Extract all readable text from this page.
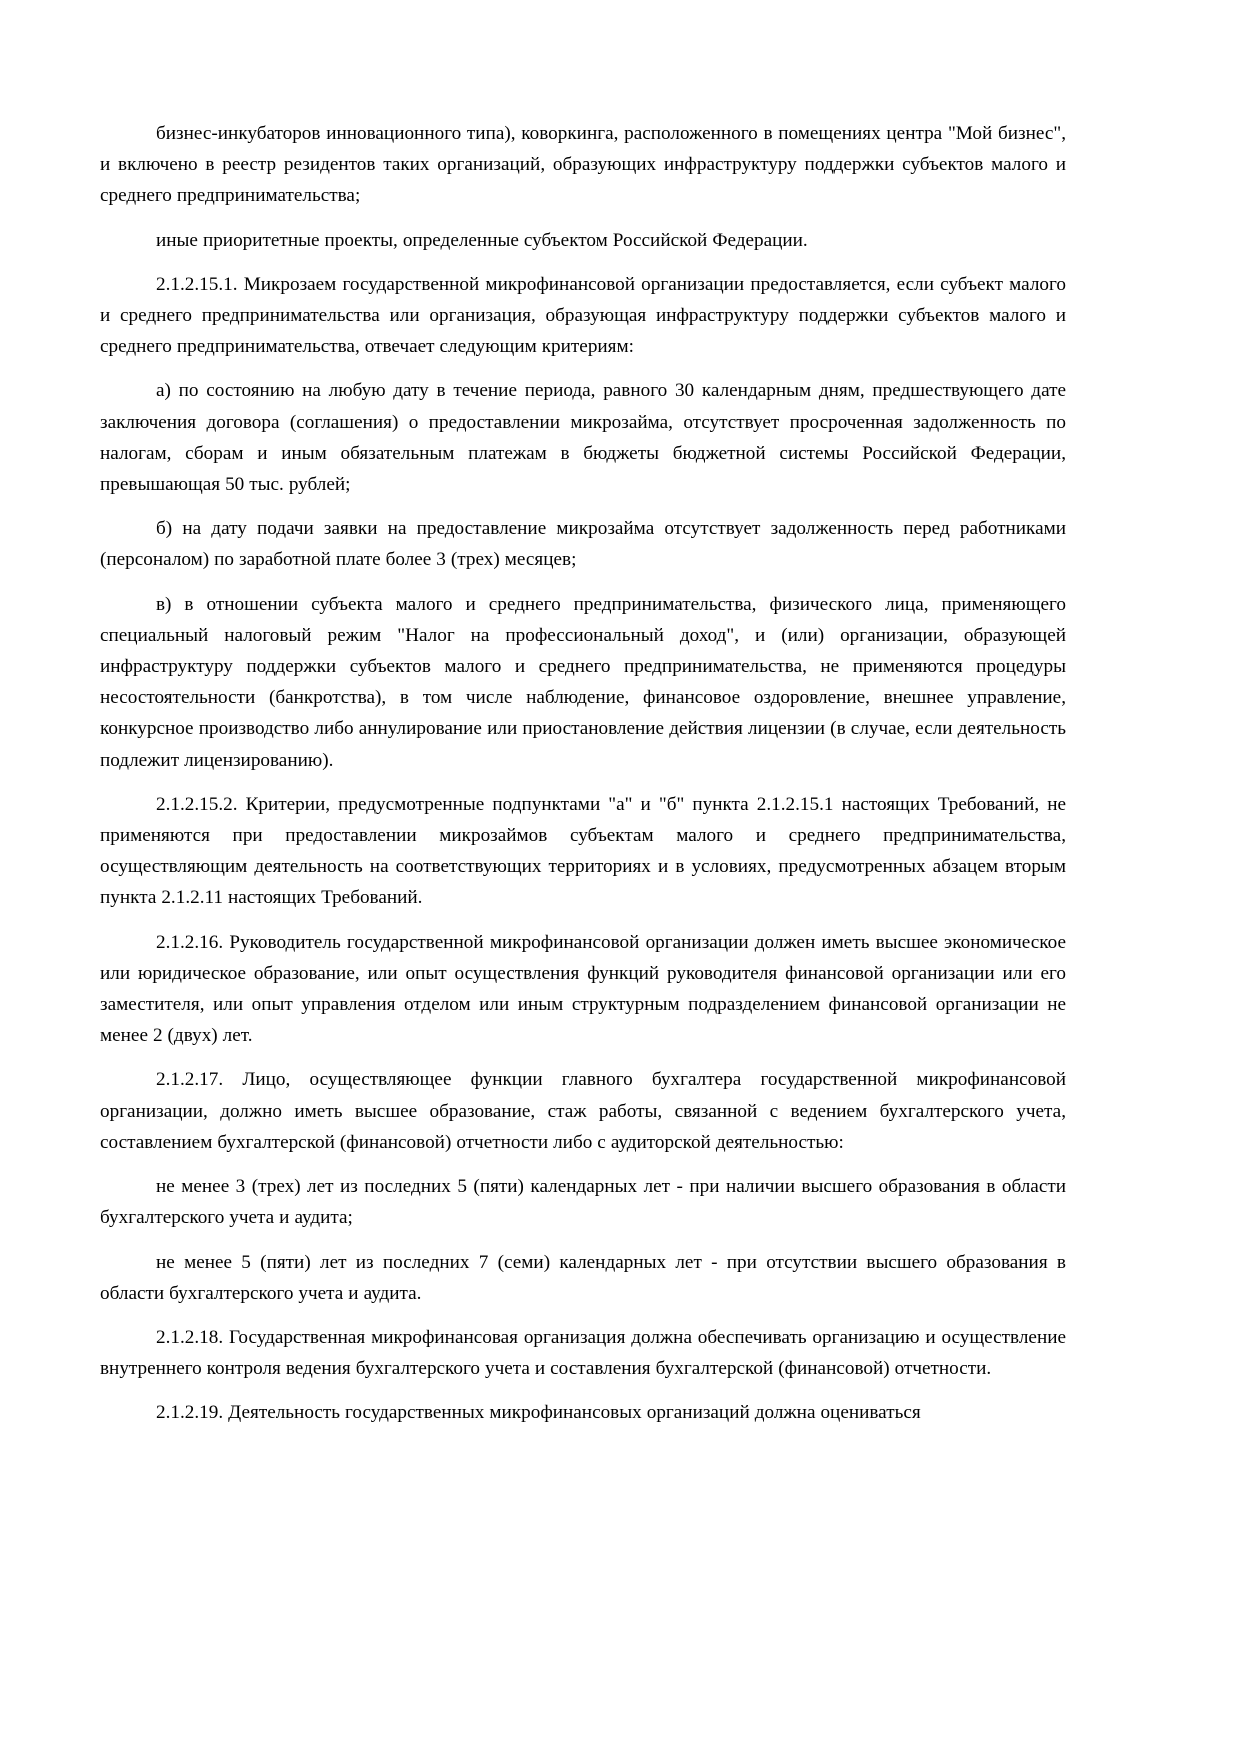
бизнес-инкубаторов инновационного типа), коворкинга, расположенного в помещениях центра "Мой бизнес", и включено в реестр резидентов таких организаций, образующих инфраструктуру поддержки субъектов малого и среднего предпринимательства;

иные приоритетные проекты, определенные субъектом Российской Федерации.

2.1.2.15.1. Микрозаем государственной микрофинансовой организации предоставляется, если субъект малого и среднего предпринимательства или организация, образующая инфраструктуру поддержки субъектов малого и среднего предпринимательства, отвечает следующим критериям:

а) по состоянию на любую дату в течение периода, равного 30 календарным дням, предшествующего дате заключения договора (соглашения) о предоставлении микрозайма, отсутствует просроченная задолженность по налогам, сборам и иным обязательным платежам в бюджеты бюджетной системы Российской Федерации, превышающая 50 тыс. рублей;

б) на дату подачи заявки на предоставление микрозайма отсутствует задолженность перед работниками (персоналом) по заработной плате более 3 (трех) месяцев;

в) в отношении субъекта малого и среднего предпринимательства, физического лица, применяющего специальный налоговый режим "Налог на профессиональный доход", и (или) организации, образующей инфраструктуру поддержки субъектов малого и среднего предпринимательства, не применяются процедуры несостоятельности (банкротства), в том числе наблюдение, финансовое оздоровление, внешнее управление, конкурсное производство либо аннулирование или приостановление действия лицензии (в случае, если деятельность подлежит лицензированию).

2.1.2.15.2. Критерии, предусмотренные подпунктами "а" и "б" пункта 2.1.2.15.1 настоящих Требований, не применяются при предоставлении микрозаймов субъектам малого и среднего предпринимательства, осуществляющим деятельность на соответствующих территориях и в условиях, предусмотренных абзацем вторым пункта 2.1.2.11 настоящих Требований.

2.1.2.16. Руководитель государственной микрофинансовой организации должен иметь высшее экономическое или юридическое образование, или опыт осуществления функций руководителя финансовой организации или его заместителя, или опыт управления отделом или иным структурным подразделением финансовой организации не менее 2 (двух) лет.

2.1.2.17. Лицо, осуществляющее функции главного бухгалтера государственной микрофинансовой организации, должно иметь высшее образование, стаж работы, связанной с ведением бухгалтерского учета, составлением бухгалтерской (финансовой) отчетности либо с аудиторской деятельностью:

не менее 3 (трех) лет из последних 5 (пяти) календарных лет - при наличии высшего образования в области бухгалтерского учета и аудита;

не менее 5 (пяти) лет из последних 7 (семи) календарных лет - при отсутствии высшего образования в области бухгалтерского учета и аудита.

2.1.2.18. Государственная микрофинансовая организация должна обеспечивать организацию и осуществление внутреннего контроля ведения бухгалтерского учета и составления бухгалтерской (финансовой) отчетности.

2.1.2.19. Деятельность государственных микрофинансовых организаций должна оцениваться
